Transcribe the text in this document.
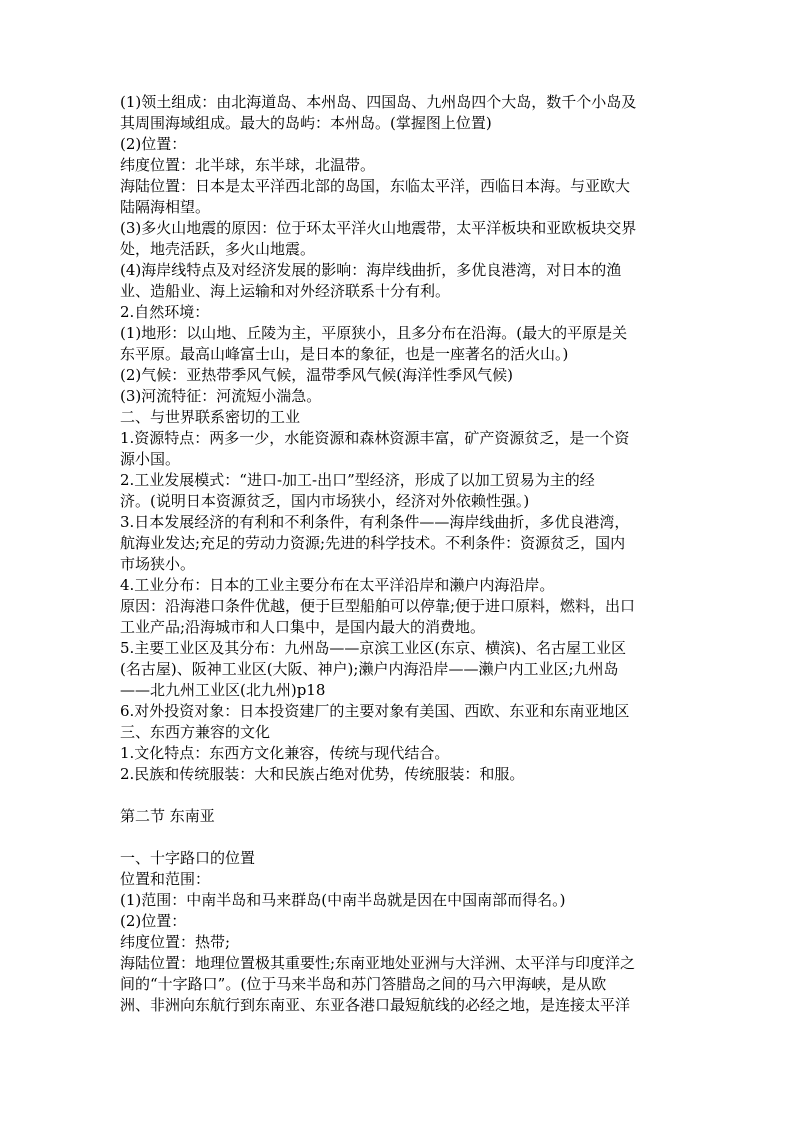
(1)领土组成：由北海道岛、本州岛、四国岛、九州岛四个大岛，数千个小岛及
其周围海域组成。最大的岛屿：本州岛。(掌握图上位置)
(2)位置：
纬度位置：北半球，东半球，北温带。
海陆位置：日本是太平洋西北部的岛国，东临太平洋，西临日本海。与亚欧大
陆隔海相望。
(3)多火山地震的原因：位于环太平洋火山地震带，太平洋板块和亚欧板块交界
处，地壳活跃，多火山地震。
(4)海岸线特点及对经济发展的影响：海岸线曲折，多优良港湾，对日本的渔
业、造船业、海上运输和对外经济联系十分有利。
2.自然环境：
(1)地形：以山地、丘陵为主，平原狭小，且多分布在沿海。(最大的平原是关
东平原。最高山峰富士山，是日本的象征，也是一座著名的活火山。)
(2)气候：亚热带季风气候，温带季风气候(海洋性季风气候)
(3)河流特征：河流短小湍急。
二、与世界联系密切的工业
1.资源特点：两多一少，水能资源和森林资源丰富，矿产资源贫乏，是一个资
源小国。
2.工业发展模式：“进口-加工-出口”型经济，形成了以加工贸易为主的经
济。(说明日本资源贫乏，国内市场狭小，经济对外依赖性强。)
3.日本发展经济的有利和不利条件，有利条件——海岸线曲折，多优良港湾，
航海业发达;充足的劳动力资源;先进的科学技术。不利条件：资源贫乏，国内
市场狭小。
4.工业分布：日本的工业主要分布在太平洋沿岸和濑户内海沿岸。
原因：沿海港口条件优越，便于巨型船舶可以停靠;便于进口原料，燃料，出口
工业产品;沿海城市和人口集中，是国内最大的消费地。
5.主要工业区及其分布：九州岛——京滨工业区(东京、横滨)、名古屋工业区
(名古屋)、阪神工业区(大阪、神户);濑户内海沿岸——濑户内工业区;九州岛
——北九州工业区(北九州)p18
6.对外投资对象：日本投资建厂的主要对象有美国、西欧、东亚和东南亚地区
三、东西方兼容的文化
1.文化特点：东西方文化兼容，传统与现代结合。
2.民族和传统服装：大和民族占绝对优势，传统服装：和服。
第二节 东南亚
一、十字路口的位置
位置和范围：
(1)范围：中南半岛和马来群岛(中南半岛就是因在中国南部而得名。)
(2)位置：
纬度位置：热带;
海陆位置：地理位置极其重要性;东南亚地处亚洲与大洋洲、太平洋与印度洋之
间的“十字路口”。(位于马来半岛和苏门答腊岛之间的马六甲海峡，是从欧
洲、非洲向东航行到东南亚、东亚各港口最短航线的必经之地，是连接太平洋
